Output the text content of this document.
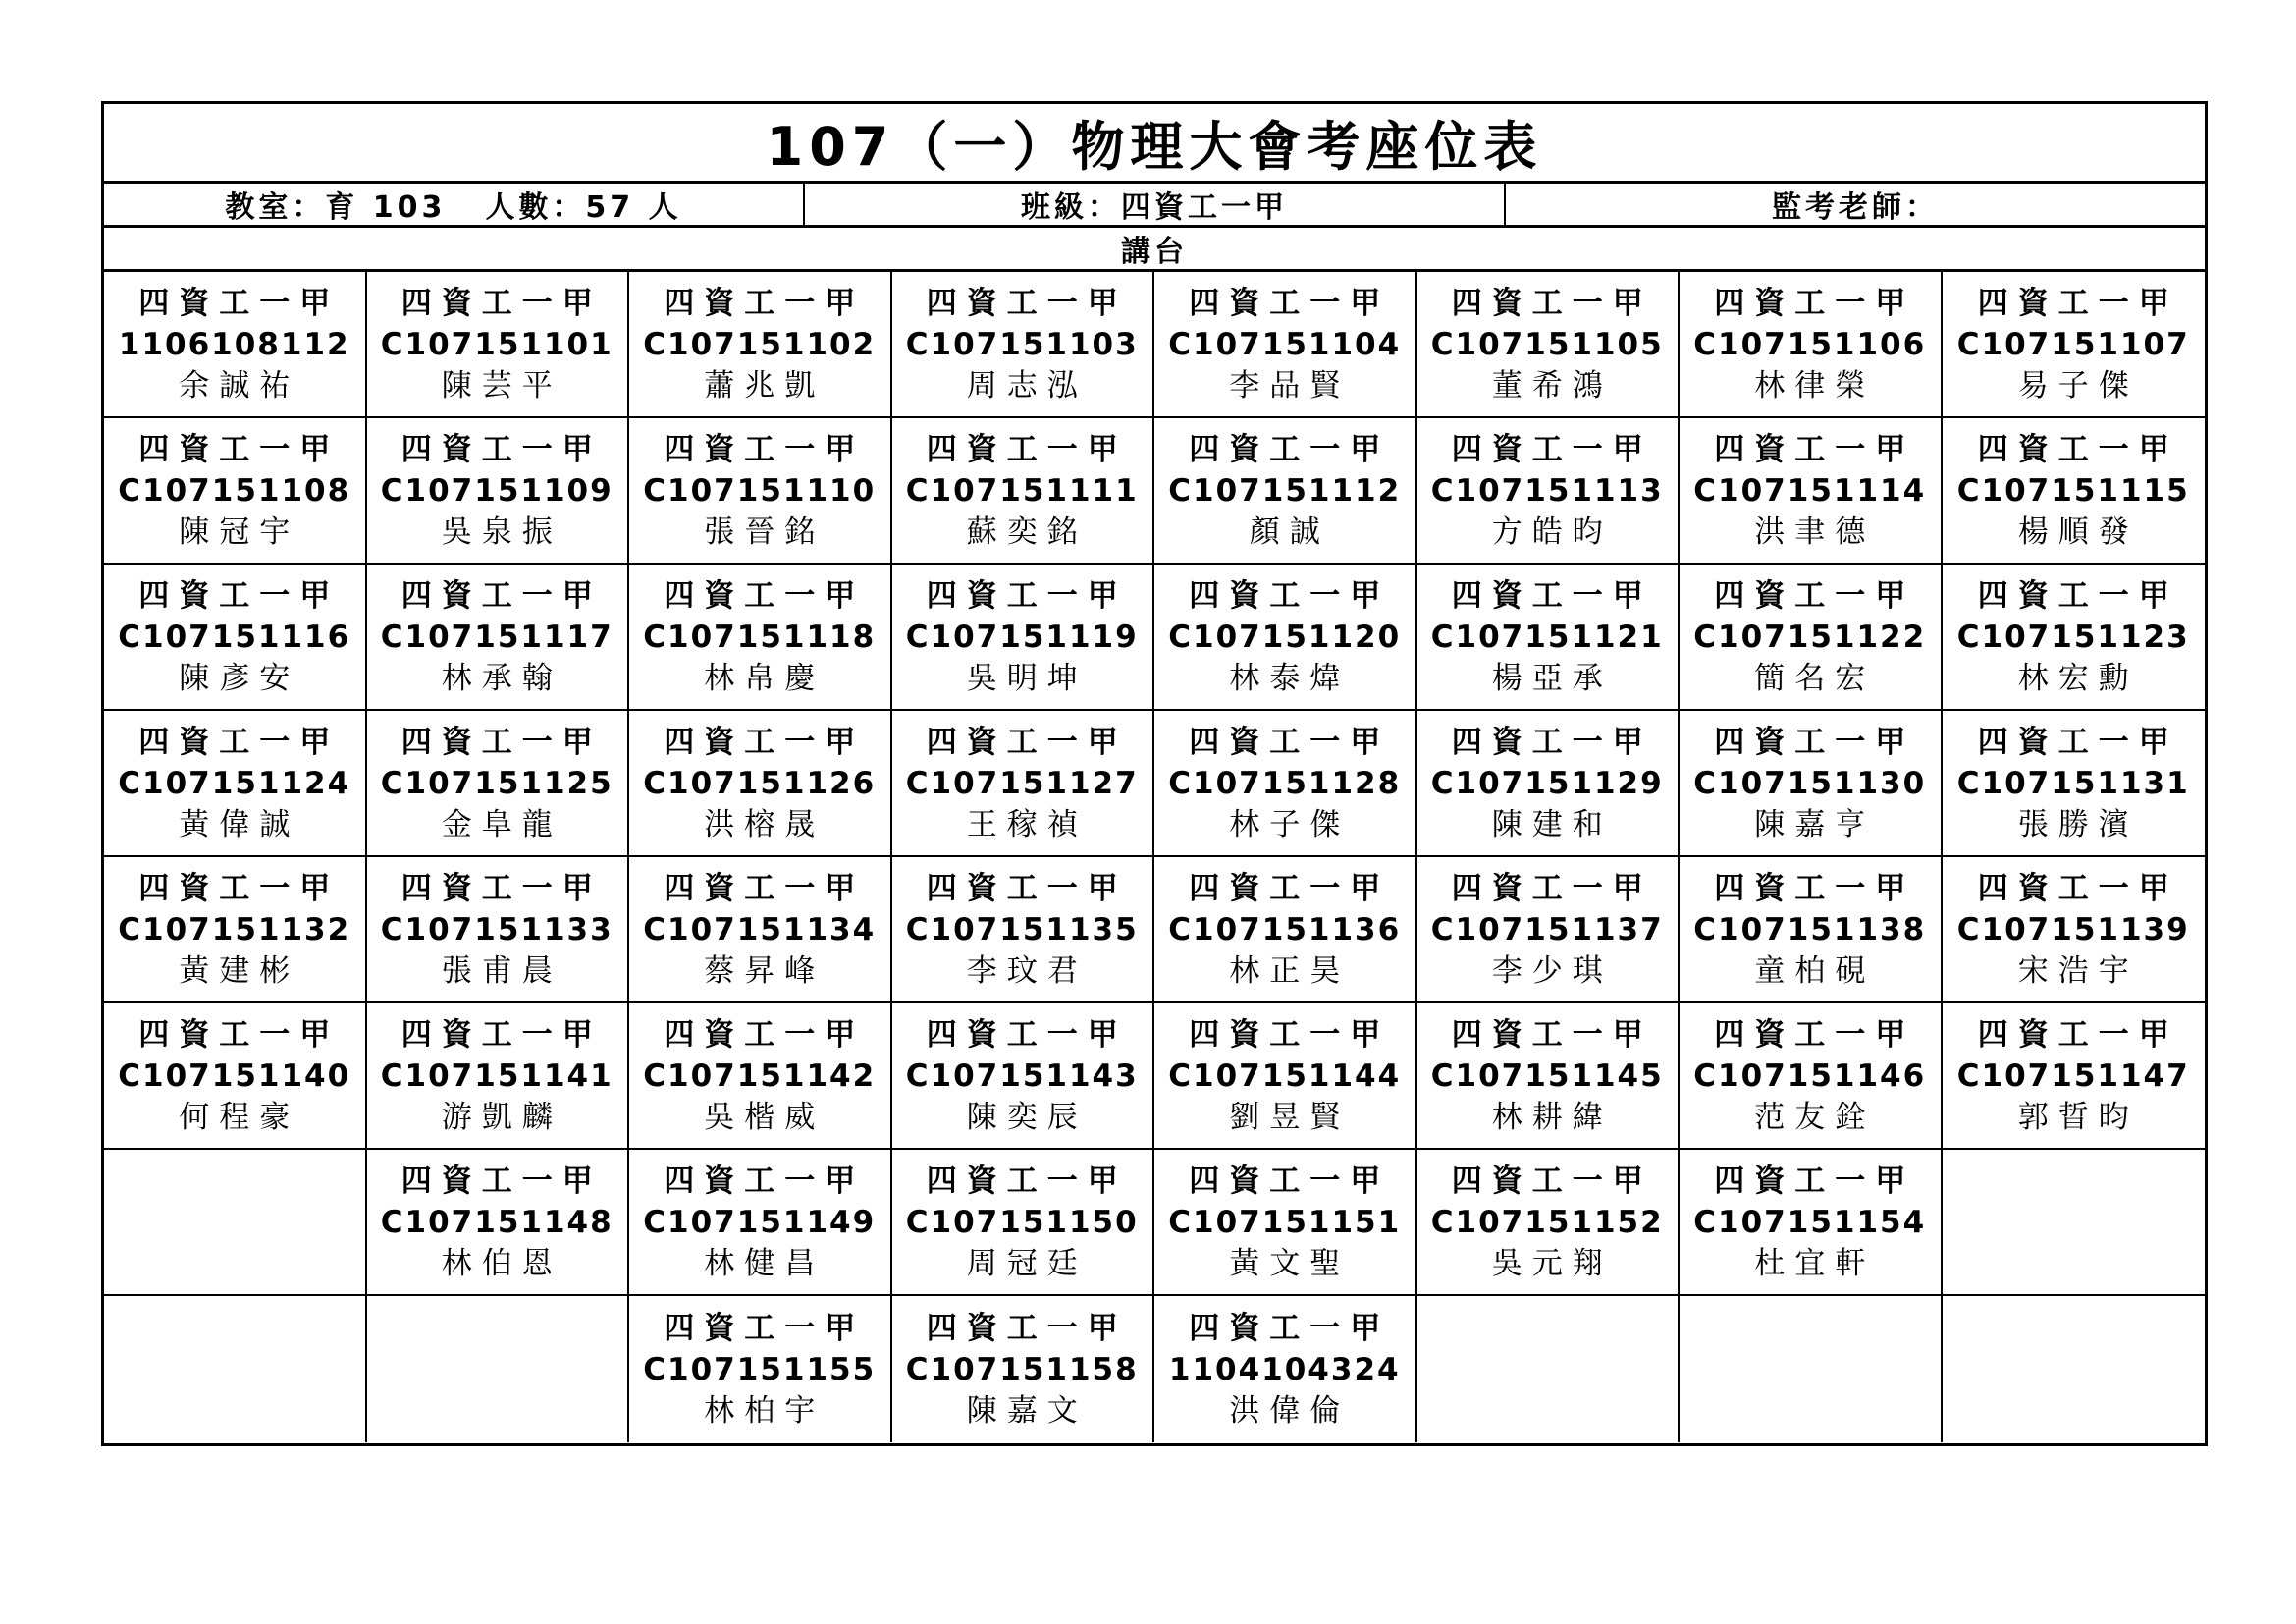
107（一）物理大會考座位表
教室：育 103 人數：57 人	班級：四資工一甲	監考老師：
講台
四資工一甲
1106108112
余誠祐
四資工一甲
C107151101
陳芸平
四資工一甲
C107151102
蕭兆凱
四資工一甲
C107151103
周志泓
四資工一甲
C107151104
李品賢
四資工一甲
C107151105
董希鴻
四資工一甲
C107151106
林律榮
四資工一甲
C107151107
易子傑
四資工一甲
C107151108
陳冠宇
四資工一甲
C107151109
吳泉振
四資工一甲
C107151110
張晉銘
四資工一甲
C107151111
蘇奕銘
四資工一甲
C107151112
顏誠
四資工一甲
C107151113
方皓昀
四資工一甲
C107151114
洪聿德
四資工一甲
C107151115
楊順發
四資工一甲
C107151116
陳彥安
四資工一甲
C107151117
林承翰
四資工一甲
C107151118
林帛慶
四資工一甲
C107151119
吳明坤
四資工一甲
C107151120
林泰煒
四資工一甲
C107151121
楊亞承
四資工一甲
C107151122
簡名宏
四資工一甲
C107151123
林宏勳
四資工一甲
C107151124
黃偉誠
四資工一甲
C107151125
金阜龍
四資工一甲
C107151126
洪榕晟
四資工一甲
C107151127
王稼禎
四資工一甲
C107151128
林子傑
四資工一甲
C107151129
陳建和
四資工一甲
C107151130
陳嘉亨
四資工一甲
C107151131
張勝濱
四資工一甲
C107151132
黃建彬
四資工一甲
C107151133
張甫晨
四資工一甲
C107151134
蔡昇峰
四資工一甲
C107151135
李玟君
四資工一甲
C107151136
林正昊
四資工一甲
C107151137
李少琪
四資工一甲
C107151138
童柏硯
四資工一甲
C107151139
宋浩宇
四資工一甲
C107151140
何程豪
四資工一甲
C107151141
游凱麟
四資工一甲
C107151142
吳楷威
四資工一甲
C107151143
陳奕辰
四資工一甲
C107151144
劉昱賢
四資工一甲
C107151145
林耕緯
四資工一甲
C107151146
范友銓
四資工一甲
C107151147
郭晢昀
四資工一甲
C107151148
林伯恩
四資工一甲
C107151149
林健昌
四資工一甲
C107151150
周冠廷
四資工一甲
C107151151
黃文聖
四資工一甲
C107151152
吳元翔
四資工一甲
C107151154
杜宜軒
四資工一甲
C107151155
林柏宇
四資工一甲
C107151158
陳嘉文
四資工一甲
1104104324
洪偉倫
